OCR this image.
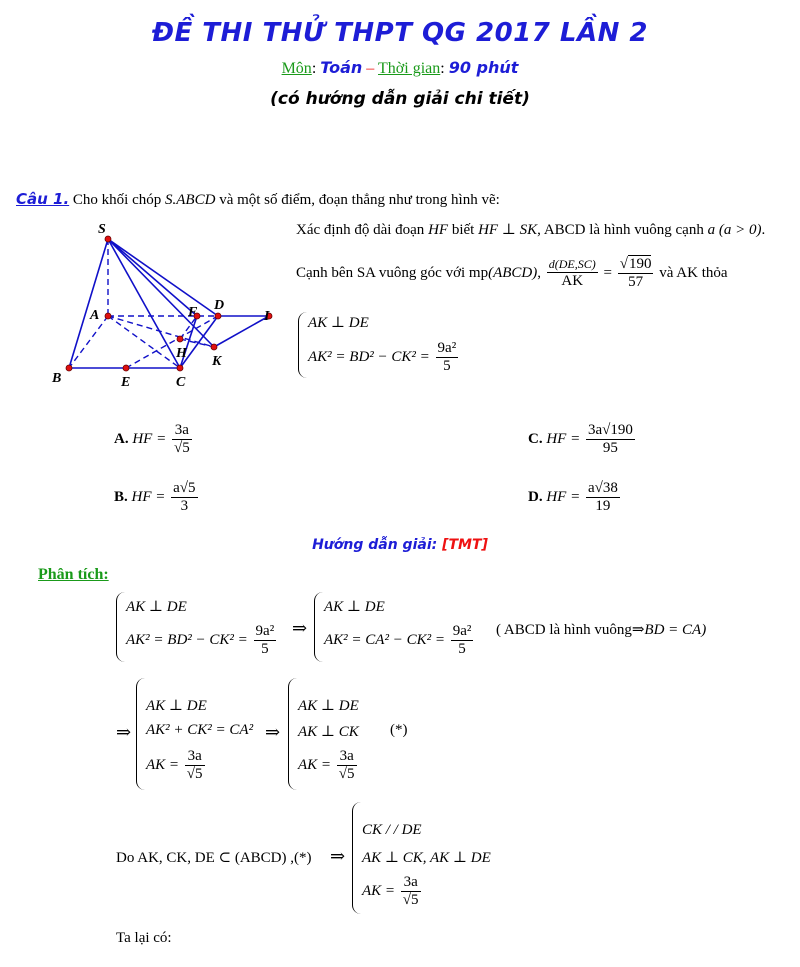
ĐỀ THI THỬ THPT QG 2017 LẦN 2
Môn: Toán – Thời gian: 90 phút
(có hướng dẫn giải chi tiết)
Câu 1. Cho khối chóp S.ABCD và một số điểm, đoạn thẳng như trong hình vẽ:
S
A
D
F	I
H
K
B	E	C
Xác định độ dài đoạn HF biết HF ⊥ SK, ABCD là hình vuông cạnh a (a > 0).
Cạnh bên SA vuông góc với mp(ABCD), $\frac{d(DE,SC)}{AK} = \frac{√190}{57}$ và AK thỏa
AK ⊥ DE
$AK^2 = BD^2 - CK^2 = \frac{\text{9a²}}{5}$
A. HF = $\frac{3a}{√5}$	C. HF = $\frac{3a√190}{95}$
B. HF = $\frac{a√5}{3}$	D. HF = $\frac{a√38}{19}$
Hướng dẫn giải: [TMT]
Phân tích:
AK ⊥ DE
$AK^2 = BD^2 - CK^2 = \frac{\text{9a²}}{5}$ ⇒
AK ⊥ DE
$AK^2 = CA^2 - CK^2 = \frac{\text{9a²}}{5}$ ( ABCD là hình vuông⇒BD = CA)
⇒
AK ⊥ DE
AK² + CK² = CA²
AK = $\frac{3a}{√5}$
⇒
AK ⊥ DE
AK ⊥ CK
AK = $\frac{3a}{√5}$
(*)
Do AK, CK, DE ⊂ (ABCD) ,(*) ⇒
CK / / DE
AK ⊥ CK, AK ⊥ DE
AK = $\frac{3a}{√5}$
Ta lại có:
